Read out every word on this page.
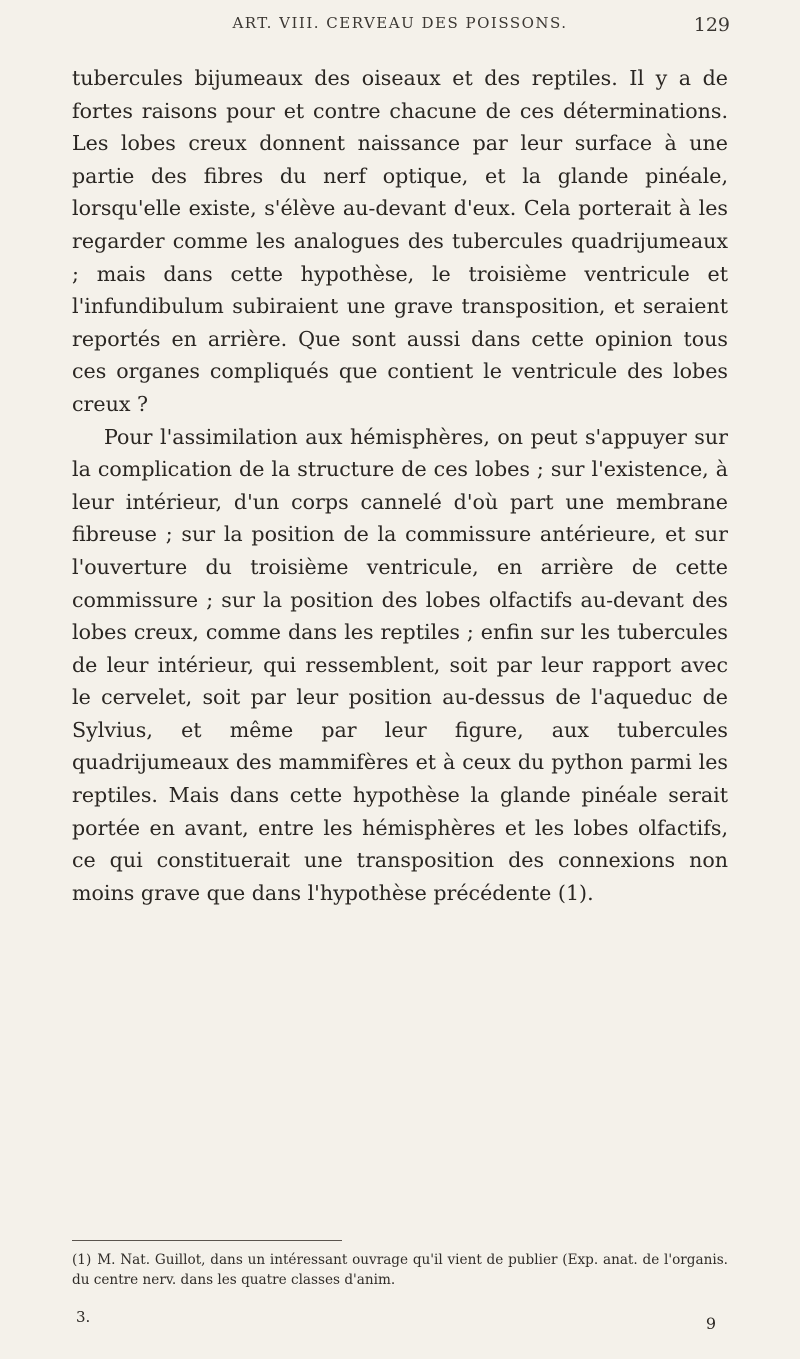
ART. VIII. CERVEAU DES POISSONS.	129

tubercules bijumeaux des oiseaux et des reptiles. Il y a de fortes raisons pour et contre chacune de ces déterminations. Les lobes creux donnent naissance par leur surface à une partie des fibres du nerf optique, et la glande pinéale, lorsqu'elle existe, s'élève au-devant d'eux. Cela porterait à les regarder comme les analogues des tubercules quadrijumeaux ; mais dans cette hypothèse, le troisième ventricule et l'infundibulum subiraient une grave transposition, et seraient reportés en arrière. Que sont aussi dans cette opinion tous ces organes compliqués que contient le ventricule des lobes creux ?

Pour l'assimilation aux hémisphères, on peut s'appuyer sur la complication de la structure de ces lobes ; sur l'existence, à leur intérieur, d'un corps cannelé d'où part une membrane fibreuse ; sur la position de la commissure antérieure, et sur l'ouverture du troisième ventricule, en arrière de cette commissure ; sur la position des lobes olfactifs au-devant des lobes creux, comme dans les reptiles ; enfin sur les tubercules de leur intérieur, qui ressemblent, soit par leur rapport avec le cervelet, soit par leur position au-dessus de l'aqueduc de Sylvius, et même par leur figure, aux tubercules quadrijumeaux des mammifères et à ceux du python parmi les reptiles. Mais dans cette hypothèse la glande pinéale serait portée en avant, entre les hémisphères et les lobes olfactifs, ce qui constituerait une transposition des connexions non moins grave que dans l'hypothèse précédente (1).

(1) M. Nat. Guillot, dans un intéressant ouvrage qu'il vient de publier (Exp. anat. de l'organis. du centre nerv. dans les quatre classes d'anim.
3.	9
